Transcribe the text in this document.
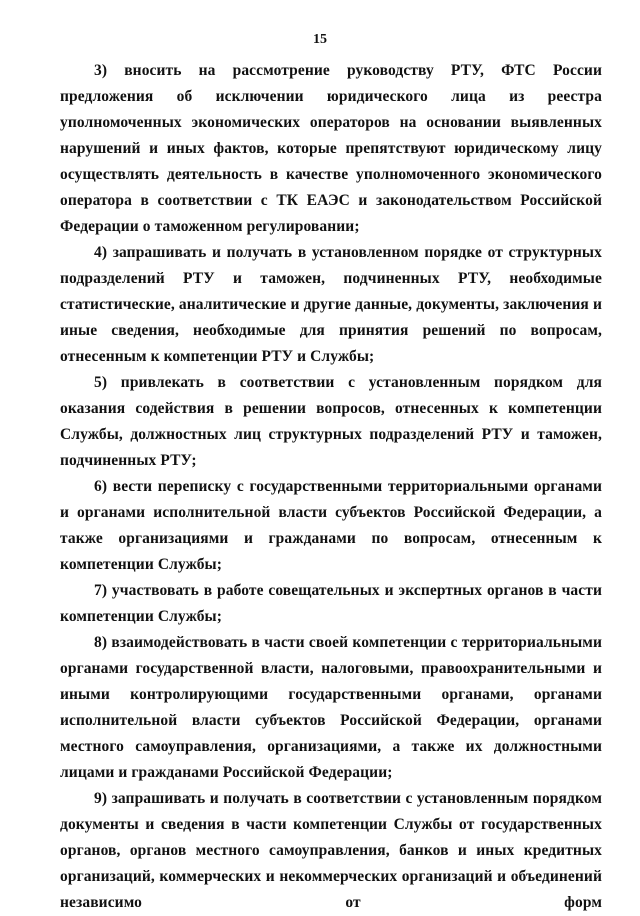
15

3) вносить на рассмотрение руководству РТУ, ФТС России предложения об исключении юридического лица из реестра уполномоченных экономических операторов на основании выявленных нарушений и иных фактов, которые препятствуют юридическому лицу осуществлять деятельность в качестве уполномоченного экономического оператора в соответствии с ТК ЕАЭС и законодательством Российской Федерации о таможенном регулировании;

4) запрашивать и получать в установленном порядке от структурных подразделений РТУ и таможен, подчиненных РТУ, необходимые статистические, аналитические и другие данные, документы, заключения и иные сведения, необходимые для принятия решений по вопросам, отнесенным к компетенции РТУ и Службы;

5) привлекать в соответствии с установленным порядком для оказания содействия в решении вопросов, отнесенных к компетенции Службы, должностных лиц структурных подразделений РТУ и таможен, подчиненных РТУ;

6) вести переписку с государственными территориальными органами и органами исполнительной власти субъектов Российской Федерации, а также организациями и гражданами по вопросам, отнесенным к компетенции Службы;

7) участвовать в работе совещательных и экспертных органов в части компетенции Службы;

8) взаимодействовать в части своей компетенции с территориальными органами государственной власти, налоговыми, правоохранительными и иными контролирующими государственными органами, органами исполнительной власти субъектов Российской Федерации, органами местного самоуправления, организациями, а также их должностными лицами и гражданами Российской Федерации;

9) запрашивать и получать в соответствии с установленным порядком документы и сведения в части компетенции Службы от государственных органов, органов местного самоуправления, банков и иных кредитных организаций, коммерческих и некоммерческих организаций и объединений независимо от форм
